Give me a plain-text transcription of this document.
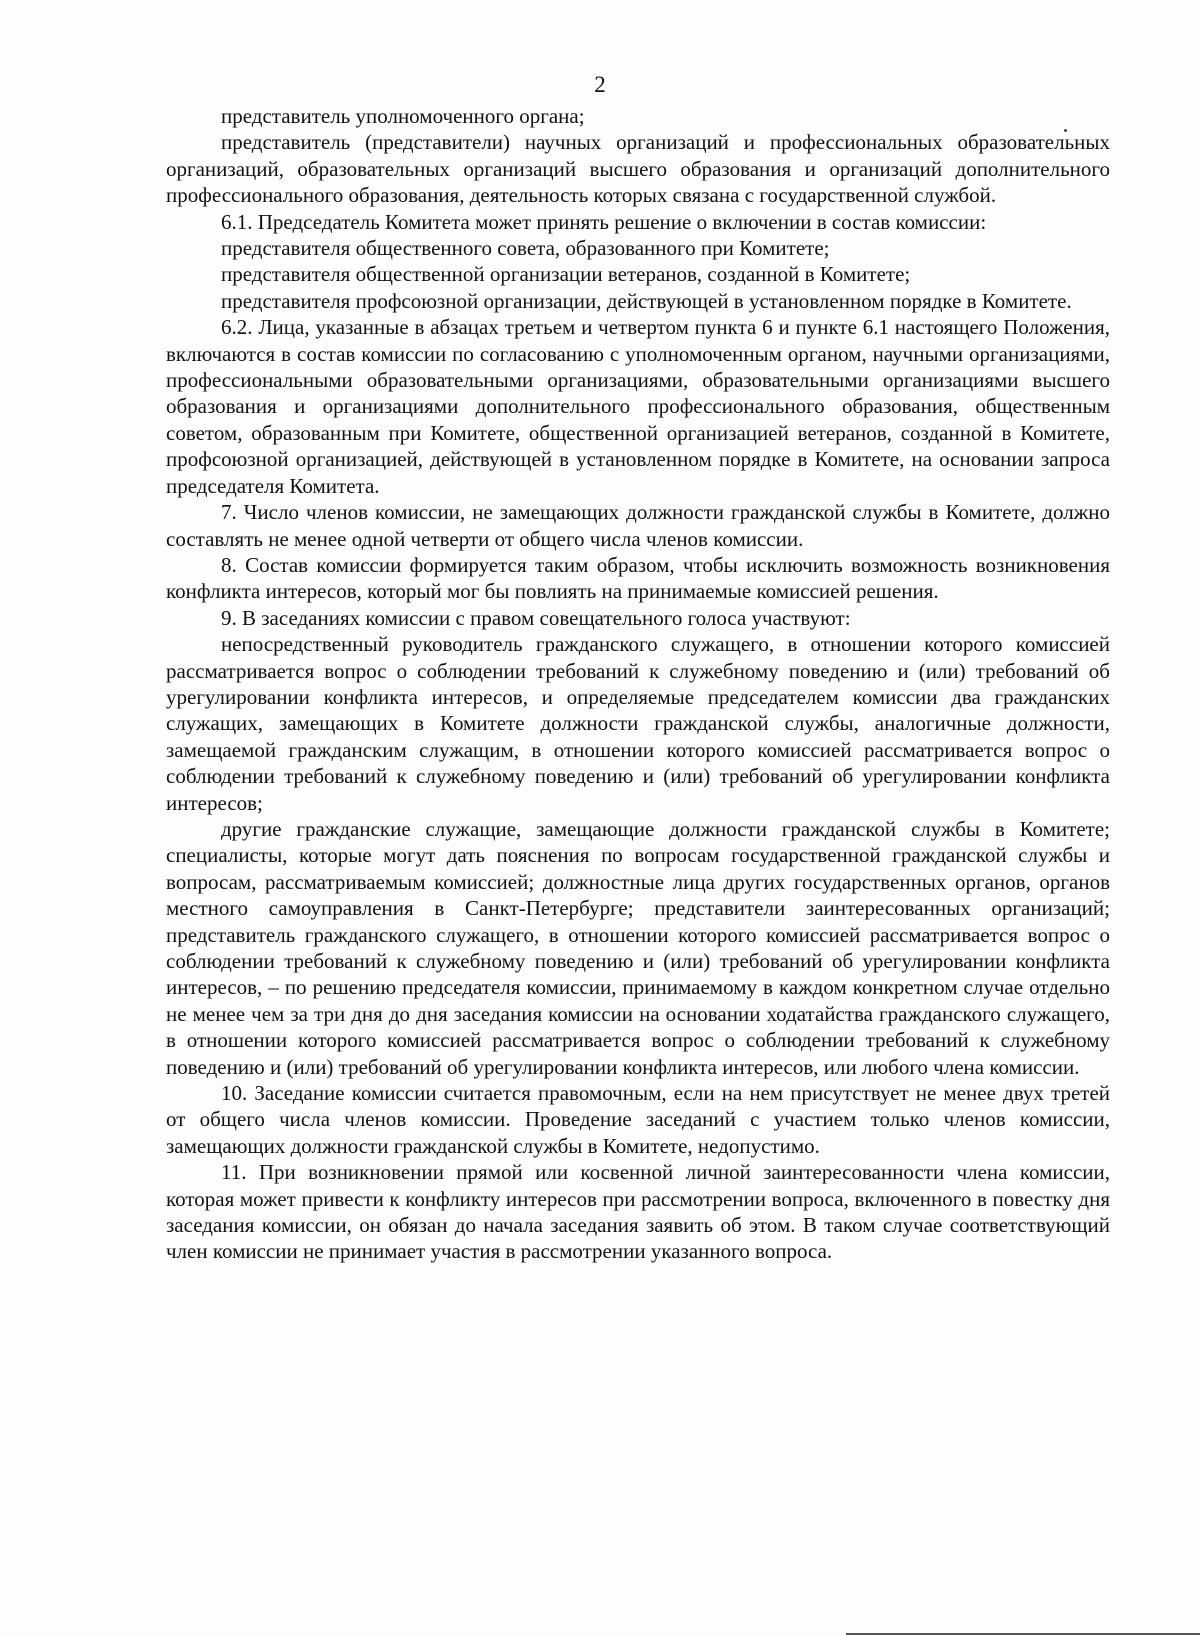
2

представитель уполномоченного органа;

представитель (представители) научных организаций и профессиональных образовательных организаций, образовательных организаций высшего образования и организаций дополнительного профессионального образования, деятельность которых связана с государственной службой.

6.1. Председатель Комитета может принять решение о включении в состав комиссии:

представителя общественного совета, образованного при Комитете;

представителя общественной организации ветеранов, созданной в Комитете;

представителя профсоюзной организации, действующей в установленном порядке в Комитете.

6.2. Лица, указанные в абзацах третьем и четвертом пункта 6 и пункте 6.1 настоящего Положения, включаются в состав комиссии по согласованию с уполномоченным органом, научными организациями, профессиональными образовательными организациями, образовательными организациями высшего образования и организациями дополнительного профессионального образования, общественным советом, образованным при Комитете, общественной организацией ветеранов, созданной в Комитете, профсоюзной организацией, действующей в установленном порядке в Комитете, на основании запроса председателя Комитета.

7. Число членов комиссии, не замещающих должности гражданской службы в Комитете, должно составлять не менее одной четверти от общего числа членов комиссии.

8. Состав комиссии формируется таким образом, чтобы исключить возможность возникновения конфликта интересов, который мог бы повлиять на принимаемые комиссией решения.

9. В заседаниях комиссии с правом совещательного голоса участвуют:

непосредственный руководитель гражданского служащего, в отношении которого комиссией рассматривается вопрос о соблюдении требований к служебному поведению и (или) требований об урегулировании конфликта интересов, и определяемые председателем комиссии два гражданских служащих, замещающих в Комитете должности гражданской службы, аналогичные должности, замещаемой гражданским служащим, в отношении которого комиссией рассматривается вопрос о соблюдении требований к служебному поведению и (или) требований об урегулировании конфликта интересов;

другие гражданские служащие, замещающие должности гражданской службы в Комитете; специалисты, которые могут дать пояснения по вопросам государственной гражданской службы и вопросам, рассматриваемым комиссией; должностные лица других государственных органов, органов местного самоуправления в Санкт-Петербурге; представители заинтересованных организаций; представитель гражданского служащего, в отношении которого комиссией рассматривается вопрос о соблюдении требований к служебному поведению и (или) требований об урегулировании конфликта интересов, – по решению председателя комиссии, принимаемому в каждом конкретном случае отдельно не менее чем за три дня до дня заседания комиссии на основании ходатайства гражданского служащего, в отношении которого комиссией рассматривается вопрос о соблюдении требований к служебному поведению и (или) требований об урегулировании конфликта интересов, или любого члена комиссии.

10. Заседание комиссии считается правомочным, если на нем присутствует не менее двух третей от общего числа членов комиссии. Проведение заседаний с участием только членов комиссии, замещающих должности гражданской службы в Комитете, недопустимо.

11. При возникновении прямой или косвенной личной заинтересованности члена комиссии, которая может привести к конфликту интересов при рассмотрении вопроса, включенного в повестку дня заседания комиссии, он обязан до начала заседания заявить об этом. В таком случае соответствующий член комиссии не принимает участия в рассмотрении указанного вопроса.
